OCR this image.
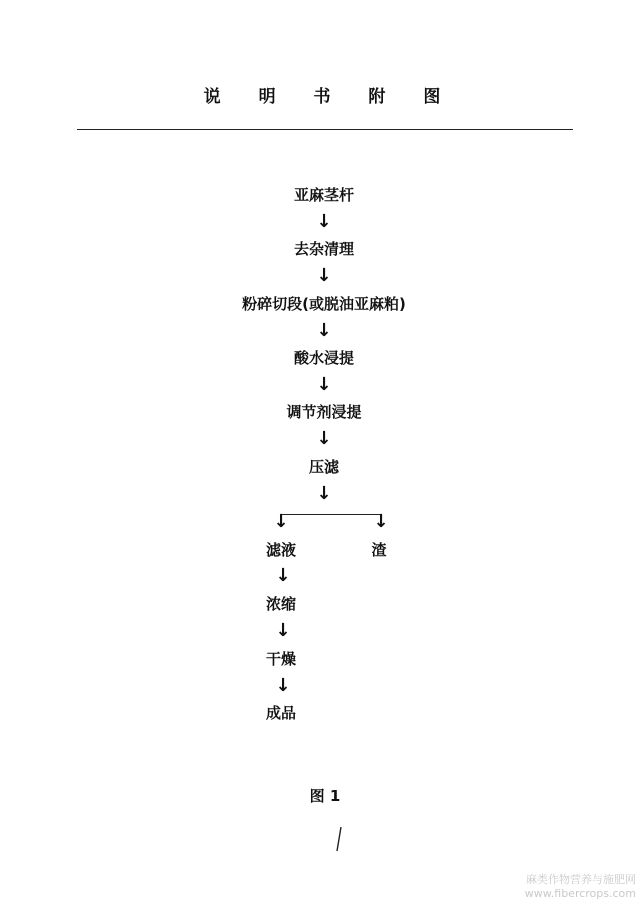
说 明 书 附 图
亚麻茎杆
↓
去杂清理
↓
粉碎切段(或脱油亚麻粕)
↓
酸水浸提
↓
调节剂浸提
↓
压滤
↓
↓	↓
滤液	渣
↓
浓缩
↓
干燥
↓
成品
图 1
麻类作物营养与施肥网
www.fibercrops.com
